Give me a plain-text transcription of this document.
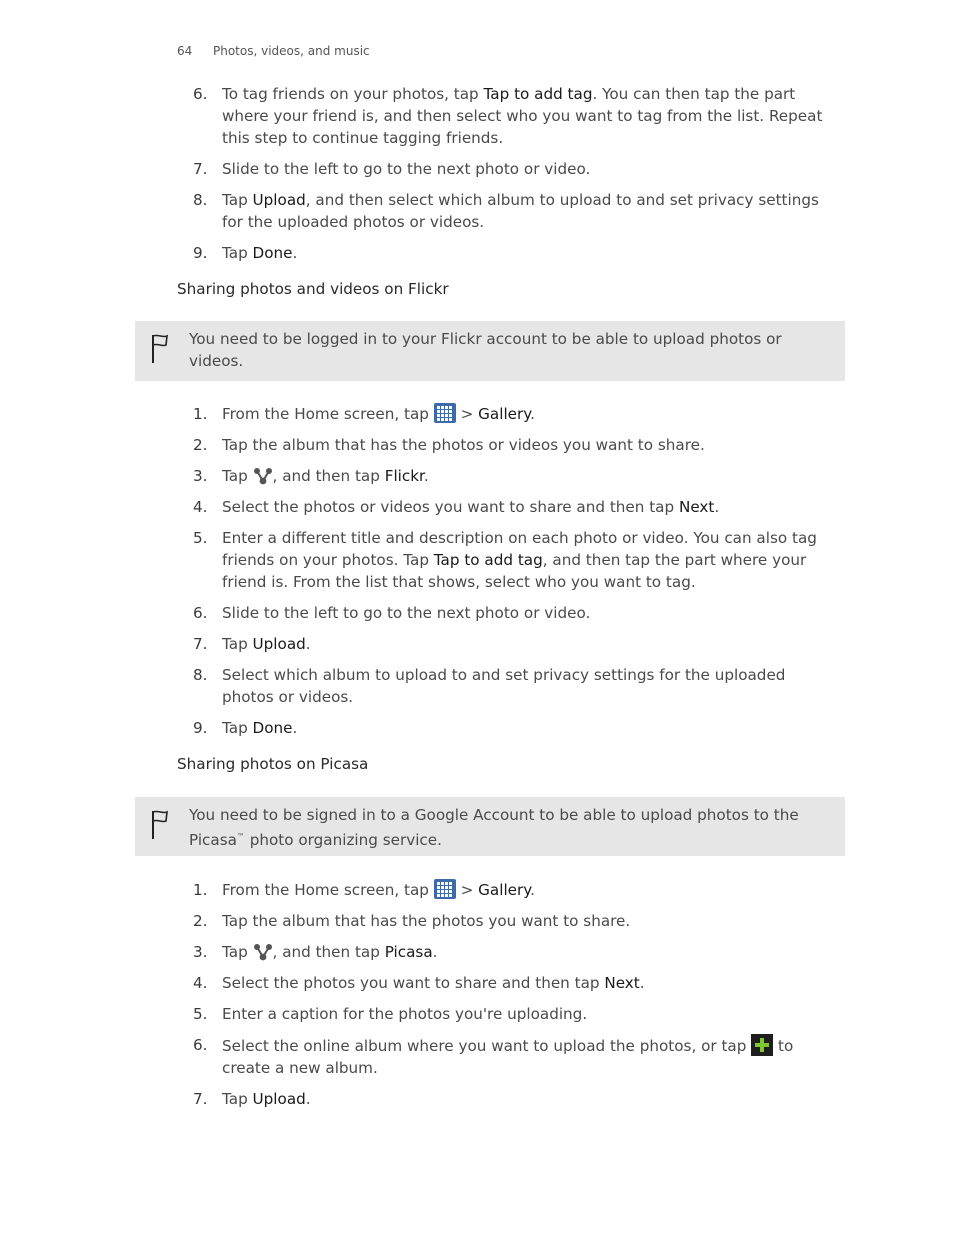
64 Photos, videos, and music
6. To tag friends on your photos, tap Tap to add tag. You can then tap the part where your friend is, and then select who you want to tag from the list. Repeat this step to continue tagging friends.
7. Slide to the left to go to the next photo or video.
8. Tap Upload, and then select which album to upload to and set privacy settings for the uploaded photos or videos.
9. Tap Done.
Sharing photos and videos on Flickr
You need to be logged in to your Flickr account to be able to upload photos or videos.
1. From the Home screen, tap  > Gallery.
2. Tap the album that has the photos or videos you want to share.
3. Tap , and then tap Flickr.
4. Select the photos or videos you want to share and then tap Next.
5. Enter a different title and description on each photo or video. You can also tag friends on your photos. Tap Tap to add tag, and then tap the part where your friend is. From the list that shows, select who you want to tag.
6. Slide to the left to go to the next photo or video.
7. Tap Upload.
8. Select which album to upload to and set privacy settings for the uploaded photos or videos.
9. Tap Done.
Sharing photos on Picasa
You need to be signed in to a Google Account to be able to upload photos to the Picasa™ photo organizing service.
1. From the Home screen, tap  > Gallery.
2. Tap the album that has the photos you want to share.
3. Tap , and then tap Picasa.
4. Select the photos you want to share and then tap Next.
5. Enter a caption for the photos you're uploading.
6. Select the online album where you want to upload the photos, or tap  to create a new album.
7. Tap Upload.
